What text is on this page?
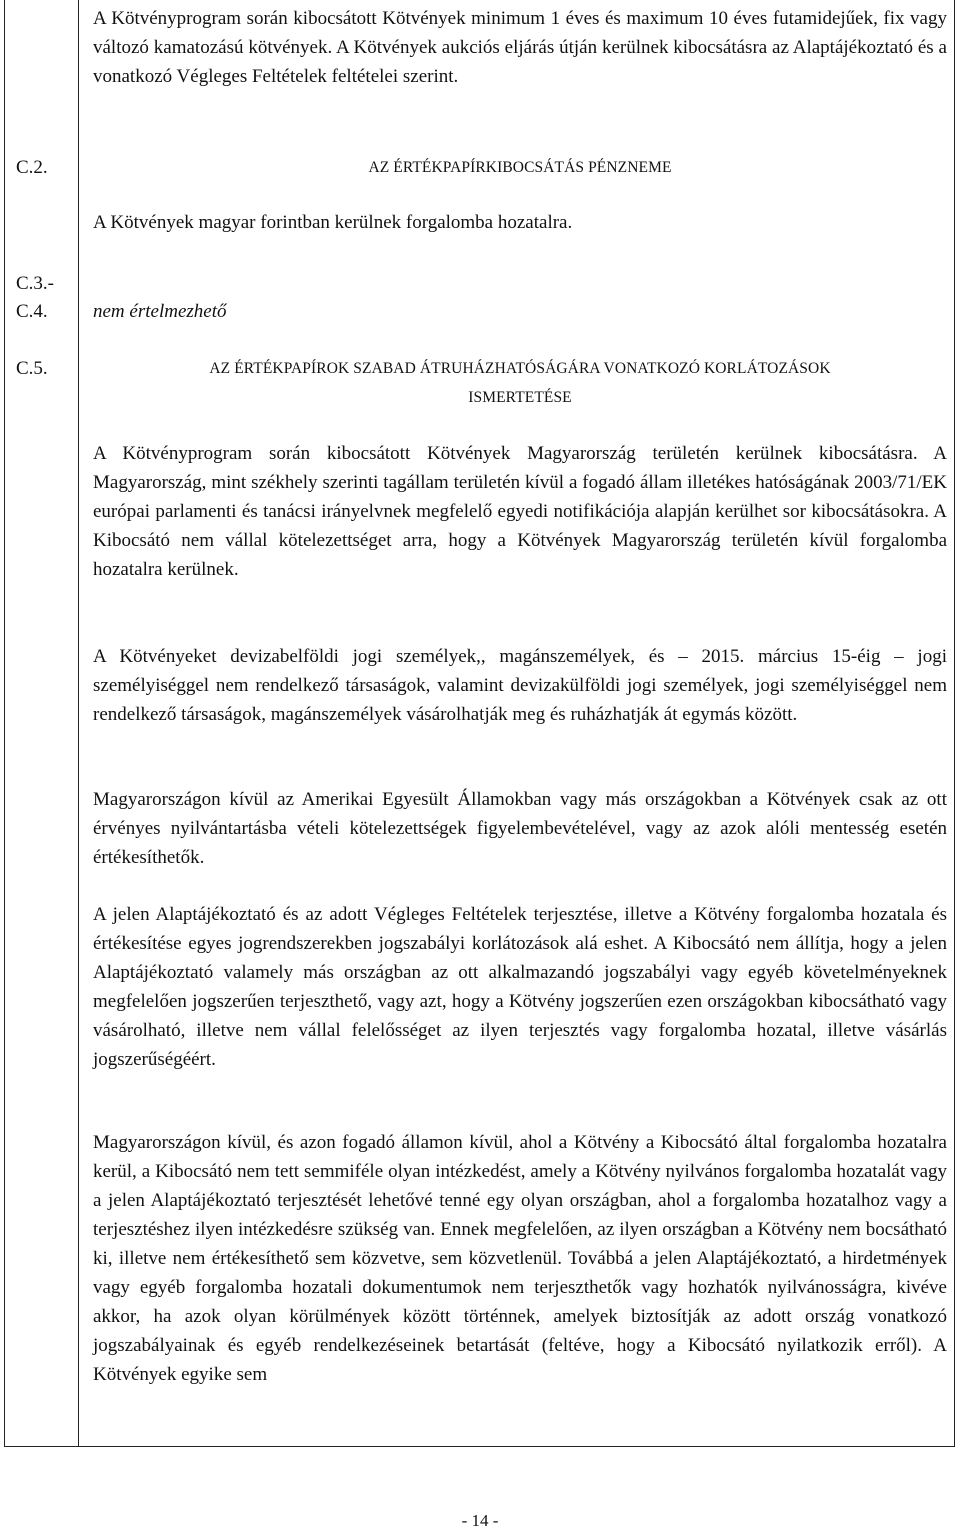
A Kötvényprogram során kibocsátott Kötvények minimum 1 éves és maximum 10 éves futamidejűek, fix vagy változó kamatozású kötvények. A Kötvények aukciós eljárás útján kerülnek kibocsátásra az Alaptájékoztató és a vonatkozó Végleges Feltételek feltételei szerint.
C.2.	AZ ÉRTÉKPAPÍRKIBOCSÁTÁS PÉNZNEME
A Kötvények magyar forintban kerülnek forgalomba hozatalra.
C.3.-
C.4. nem értelmezhető
C.5.	AZ ÉRTÉKPAPÍROK SZABAD ÁTRUHÁZHATÓSÁGÁRA VONATKOZÓ KORLÁTOZÁSOK
ISMERTETÉSE
A Kötvényprogram során kibocsátott Kötvények Magyarország területén kerülnek kibocsátásra. A Magyarország, mint székhely szerinti tagállam területén kívül a fogadó állam illetékes hatóságának 2003/71/EK európai parlamenti és tanácsi irányelvnek megfelelő egyedi notifikációja alapján kerülhet sor kibocsátásokra. A Kibocsátó nem vállal kötelezettséget arra, hogy a Kötvények Magyarország területén kívül forgalomba hozatalra kerülnek.
A Kötvényeket devizabelföldi jogi személyek,, magánszemélyek, és – 2015. március 15-éig – jogi személyiséggel nem rendelkező társaságok, valamint devizakülföldi jogi személyek, jogi személyiséggel nem rendelkező társaságok, magánszemélyek vásárolhatják meg és ruházhatják át egymás között.
Magyarországon kívül az Amerikai Egyesült Államokban vagy más országokban a Kötvények csak az ott érvényes nyilvántartásba vételi kötelezettségek figyelembevételével, vagy az azok alóli mentesség esetén értékesíthetők.
A jelen Alaptájékoztató és az adott Végleges Feltételek terjesztése, illetve a Kötvény forgalomba hozatala és értékesítése egyes jogrendszerekben jogszabályi korlátozások alá eshet. A Kibocsátó nem állítja, hogy a jelen Alaptájékoztató valamely más országban az ott alkalmazandó jogszabályi vagy egyéb követelményeknek megfelelően jogszerűen terjeszthető, vagy azt, hogy a Kötvény jogszerűen ezen országokban kibocsátható vagy vásárolható, illetve nem vállal felelősséget az ilyen terjesztés vagy forgalomba hozatal, illetve vásárlás jogszerűségéért.
Magyarországon kívül, és azon fogadó államon kívül, ahol a Kötvény a Kibocsátó által forgalomba hozatalra kerül, a Kibocsátó nem tett semmiféle olyan intézkedést, amely a Kötvény nyilvános forgalomba hozatalát vagy a jelen Alaptájékoztató terjesztését lehetővé tenné egy olyan országban, ahol a forgalomba hozatalhoz vagy a terjesztéshez ilyen intézkedésre szükség van. Ennek megfelelően, az ilyen országban a Kötvény nem bocsátható ki, illetve nem értékesíthető sem közvetve, sem közvetlenül. Továbbá a jelen Alaptájékoztató, a hirdetmények vagy egyéb forgalomba hozatali dokumentumok nem terjeszthetők vagy hozhatók nyilvánosságra, kivéve akkor, ha azok olyan körülmények között történnek, amelyek biztosítják az adott ország vonatkozó jogszabályainak és egyéb rendelkezéseinek betartását (feltéve, hogy a Kibocsátó nyilatkozik erről). A Kötvények egyike sem
- 14 -
